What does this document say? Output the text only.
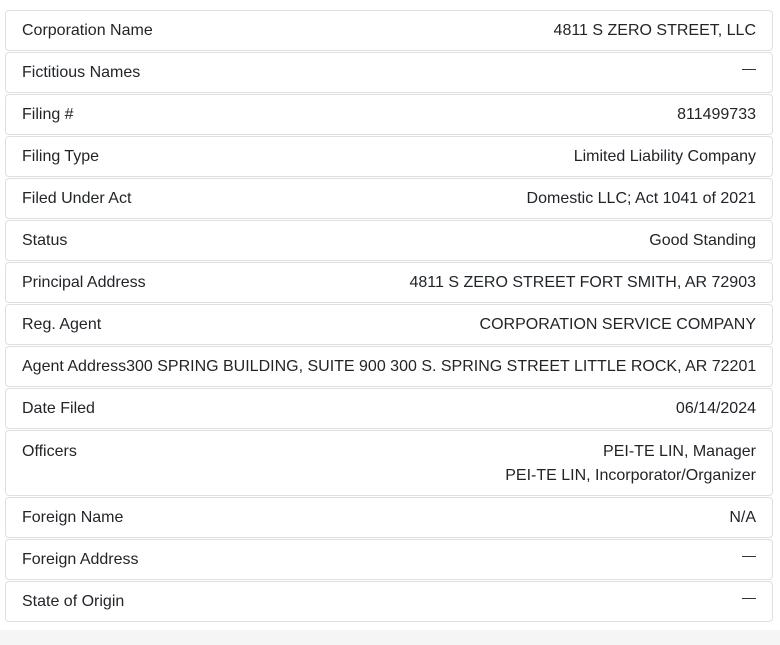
Corporation Name	4811 S ZERO STREET, LLC
Fictitious Names	—
Filing #	811499733
Filing Type	Limited Liability Company
Filed Under Act	Domestic LLC; Act 1041 of 2021
Status	Good Standing
Principal Address	4811 S ZERO STREET FORT SMITH, AR 72903
Reg. Agent	CORPORATION SERVICE COMPANY
Agent Address 300 SPRING BUILDING, SUITE 900 300 S. SPRING STREET LITTLE ROCK, AR 72201
Date Filed	06/14/2024
Officers	PEI-TE LIN, Manager
PEI-TE LIN, Incorporator/Organizer
Foreign Name	N/A
Foreign Address	—
State of Origin	—
